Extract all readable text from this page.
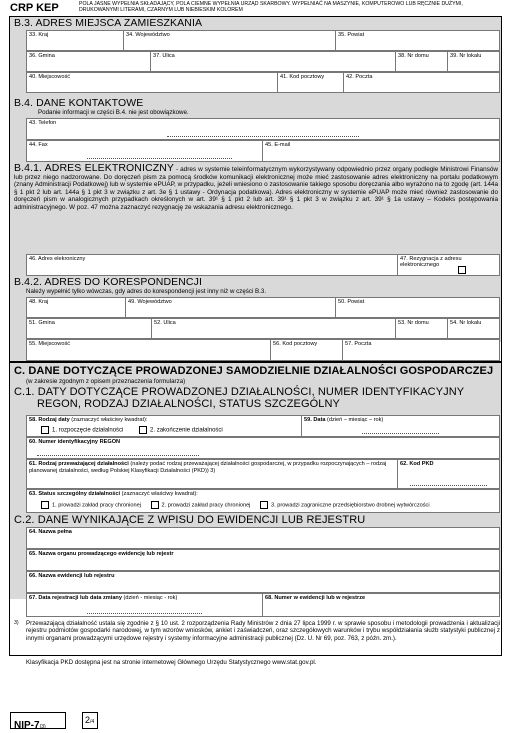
CRP KEP	POLA JASNE WYPEŁNIA SKŁADAJĄCY, POLA CIEMNE WYPEŁNIA URZĄD SKARBOWY. WYPEŁNIAĆ NA MASZYNIE, KOMPUTEROWO LUB RĘCZNIE DUŻYMI, DRUKOWANYMI LITERAMI, CZARNYM LUB NIEBIESKIM KOLOREM
B.3. ADRES MIEJSCA ZAMIESZKANIA
33. Kraj	34. Województwo	35. Powiat
36. Gmina	37. Ulica	38. Nr domu	39. Nr lokalu
40. Miejscowość	41. Kod pocztowy	42. Poczta
B.4. DANE KONTAKTOWE
Podanie informacji w części B.4. nie jest obowiązkowe.
43. Telefon
44. Fax	45. E-mail
B.4.1. ADRES ELEKTRONICZNY - adres w systemie teleinformatycznym wykorzystywany odpowiednio przez organy podległe Ministrowi Finansów lub przez niego nadzorowane. Do doręczeń pism za pomocą środków komunikacji elektronicznej może mieć zastosowanie adres elektroniczny na portalu podatkowym (znany Administracji Podatkowej) lub w systemie ePUAP, w przypadku, jeżeli wniesiono o zastosowanie takiego sposobu doręczania albo wyrażono na to zgodę (art. 144a § 1 pkt 2 lub art. 144a § 1 pkt 3 w związku z art. 3e § 1 ustawy - Ordynacja podatkowa). Adres elektroniczny w systemie ePUAP może mieć również zastosowanie do doręczeń pism w analogicznych przypadkach określonych w art. 39¹ § 1 pkt 2 lub art. 39¹ § 1 pkt 3 w związku z art. 39¹ § 1a ustawy – Kodeks postępowania administracyjnego. W poz. 47 można zaznaczyć rezygnację ze wskazania adresu elektronicznego.
46. Adres elekroniczny	47. Rezygnacja z adresu elektronicznego
B.4.2. ADRES DO KORESPONDENCJI
Należy wypełnić tylko wówczas, gdy adres do korespondencji jest inny niż w części B.3.
48. Kraj	49. Województwo	50. Powiat
51. Gmina	52. Ulica	53. Nr domu	54. Nr lokalu
55. Miejscowość	56. Kod pocztowy	57. Poczta
C. DANE DOTYCZĄCE PROWADZONEJ SAMODZIELNIE DZIAŁALNOŚCI GOSPODARCZEJ
(w zakresie zgodnym z opisem przeznaczenia formularza)
C.1. DATY DOTYCZĄCE PROWADZONEJ DZIAŁALNOŚCI, NUMER IDENTYFIKACYJNY
REGON, RODZAJ DZIAŁALNOŚCI, STATUS SZCZEGÓLNY
58. Rodzaj daty (zaznaczyć właściwy kwadrat):
1. rozpoczęcie działalności	2. zakończenie działalności
59. Data (dzień – miesiąc – rok)
60. Numer identyfikacyjny REGON
61. Rodzaj przeważającej działalności (należy podać rodzaj przeważającej działalności gospodarczej, w przypadku rozpoczynających – rodzaj planowanej działalności, według Polskiej Klasyfikacji Działalności (PKD)) 3)
62. Kod PKD
63. Status szczególny działalności (zaznaczyć właściwy kwadrat):
1. prowadzi zakład pracy chronionej	2. prowadzi zakład pracy chronionej	3. prowadzi zagraniczne przedsiębiorstwo drobnej wytwórczości
C.2. DANE WYNIKAJĄCE Z WPISU DO EWIDENCJI LUB REJESTRU
64. Nazwa pełna
65. Nazwa organu prowadzącego ewidencję lub rejestr
66. Nazwa ewidencji lub rejestru
67. Data rejestracji lub data zmiany (dzień - miesiąc - rok)	68. Numer w ewidencji lub w rejestrze
3) Przewazającą działalność ustala się zgodnie z § 10 ust. 2 rozporządzenia Rady Ministrów z dnia 27 lipca 1999 r. w sprawie sposobu i metodologii prowadzenia i aktualizacji rejestru podmiotów gospodarki narodowej, w tym wzorów wniosków, ankiet i zaświadczeń, oraz szczegółowych warunków i trybu współdziałania służb statystyki publicznej z innymi organami prowadzącymi urzędowe rejestry i systemy informacyjne administracji publicznej (Dz. U. Nr 69, poz. 763, z późn. zm.).
Klasyfikacja PKD dostępna jest na stronie internetowej Głównego Urzędu Statystycznego www.stat.gov.pl.
NIP-7(3)
2/4
